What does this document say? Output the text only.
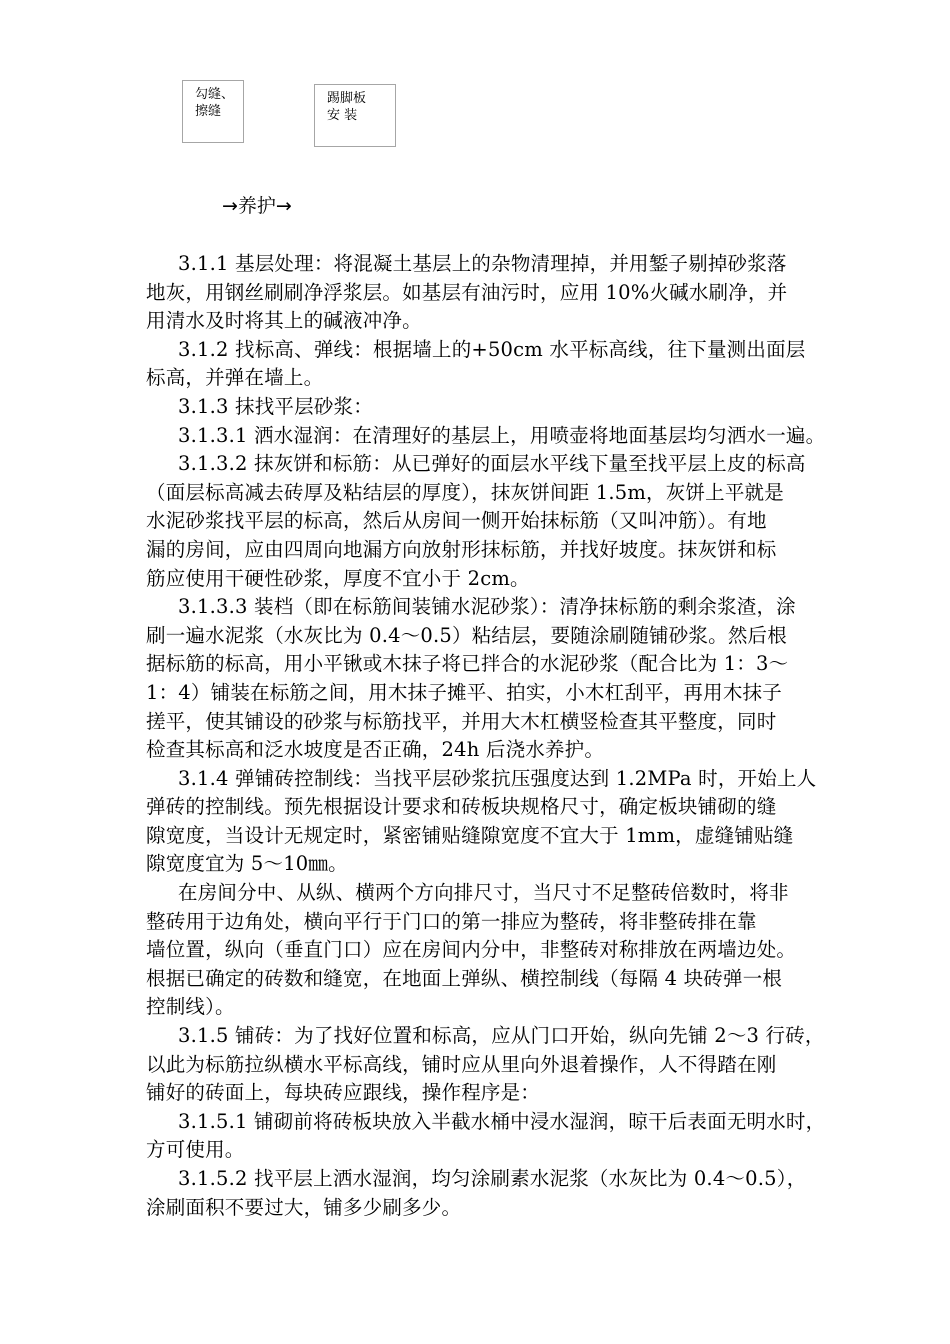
勾缝、
擦缝
踢脚板
安 装
→养护→

3.1.1 基层处理：将混凝土基层上的杂物清理掉，并用錾子剔掉砂浆落
地灰，用钢丝刷刷净浮浆层。如基层有油污时，应用 10%火碱水刷净，并
用清水及时将其上的碱液冲净。

3.1.2 找标高、弹线：根据墙上的+50cm 水平标高线，往下量测出面层
标高，并弹在墙上。

3.1.3 抹找平层砂浆：

3.1.3.1 洒水湿润：在清理好的基层上，用喷壶将地面基层均匀洒水一遍。

3.1.3.2 抹灰饼和标筋：从已弹好的面层水平线下量至找平层上皮的标高
（面层标高减去砖厚及粘结层的厚度），抹灰饼间距 1.5m，灰饼上平就是
水泥砂浆找平层的标高，然后从房间一侧开始抹标筋（又叫冲筋）。有地
漏的房间，应由四周向地漏方向放射形抹标筋，并找好坡度。抹灰饼和标
筋应使用干硬性砂浆，厚度不宜小于 2cm。

3.1.3.3 装档（即在标筋间装铺水泥砂浆）：清净抹标筋的剩余浆渣，涂
刷一遍水泥浆（水灰比为 0.4～0.5）粘结层，要随涂刷随铺砂浆。然后根
据标筋的标高，用小平锹或木抹子将已拌合的水泥砂浆（配合比为 1：3～
1：4）铺装在标筋之间，用木抹子摊平、拍实，小木杠刮平，再用木抹子
搓平，使其铺设的砂浆与标筋找平，并用大木杠横竖检查其平整度，同时
检查其标高和泛水坡度是否正确，24h 后浇水养护。

3.1.4 弹铺砖控制线：当找平层砂浆抗压强度达到 1.2MPa 时，开始上人
弹砖的控制线。预先根据设计要求和砖板块规格尺寸，确定板块铺砌的缝
隙宽度，当设计无规定时，紧密铺贴缝隙宽度不宜大于 1mm，虚缝铺贴缝
隙宽度宜为 5～10㎜。

在房间分中、从纵、横两个方向排尺寸，当尺寸不足整砖倍数时，将非
整砖用于边角处，横向平行于门口的第一排应为整砖，将非整砖排在靠
墙位置，纵向（垂直门口）应在房间内分中，非整砖对称排放在两墙边处。
根据已确定的砖数和缝宽，在地面上弹纵、横控制线（每隔 4 块砖弹一根
控制线）。

3.1.5 铺砖：为了找好位置和标高，应从门口开始，纵向先铺 2～3 行砖，
以此为标筋拉纵横水平标高线，铺时应从里向外退着操作，人不得踏在刚
铺好的砖面上，每块砖应跟线，操作程序是：

3.1.5.1 铺砌前将砖板块放入半截水桶中浸水湿润，晾干后表面无明水时，
方可使用。

3.1.5.2 找平层上洒水湿润，均匀涂刷素水泥浆（水灰比为 0.4～0.5），
涂刷面积不要过大，铺多少刷多少。
